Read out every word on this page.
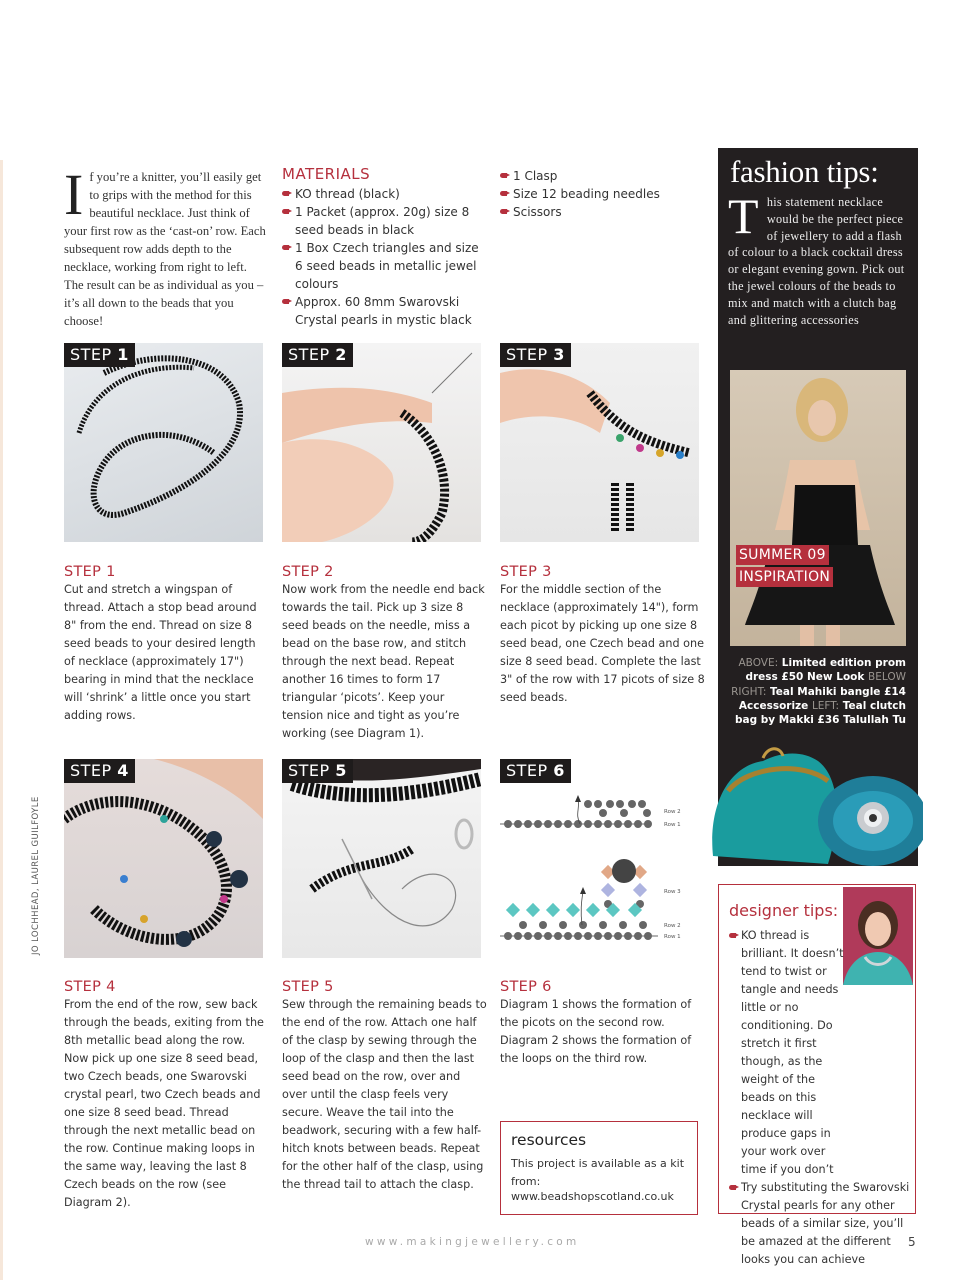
If you’re a knitter, you’ll easily get to grips with the method for this beautiful necklace. Just think of your first row as the ‘cast-on’ row. Each subsequent row adds depth to the necklace, working from right to left. The result can be as individual as you – it’s all down to the beads that you choose!
MATERIALS
KO thread (black)
1 Packet (approx. 20g) size 8 seed beads in black
1 Box Czech triangles and size 6 seed beads in metallic jewel colours
Approx. 60 8mm Swarovski Crystal pearls in mystic black
1 Clasp
Size 12 beading needles
Scissors
STEP 1	STEP 2	STEP 3
STEP 1
Cut and stretch a wingspan of thread. Attach a stop bead around 8" from the end. Thread on size 8 seed beads to your desired length of necklace (approximately 17") bearing in mind that the necklace will ‘shrink’ a little once you start adding rows.
STEP 2
Now work from the needle end back towards the tail. Pick up 3 size 8 seed beads on the needle, miss a bead on the base row, and stitch through the next bead. Repeat another 16 times to form 17 triangular ‘picots’. Keep your tension nice and tight as you’re working (see Diagram 1).
STEP 3
For the middle section of the necklace (approximately 14"), form each picot by picking up one size 8 seed bead, one Czech bead and one size 8 seed bead. Complete the last 3" of the row with 17 picots of size 8 seed beads.
STEP 4	STEP 5
Row 2
Row 1
Row 3
Row 2
Row 1
STEP 6
JO LOCHHEAD, LAUREL GUILFOYLE
STEP 4
From the end of the row, sew back through the beads, exiting from the 8th metallic bead along the row. Now pick up one size 8 seed bead, two Czech beads, one Swarovski crystal pearl, two Czech beads and one size 8 seed bead. Thread through the next metallic bead on the row. Continue making loops in the same way, leaving the last 8 Czech beads on the row (see Diagram 2).
STEP 5
Sew through the remaining beads to the end of the row. Attach one half of the clasp by sewing through the loop of the clasp and then the last seed bead on the row, over and over until the clasp feels very secure. Weave the tail into the beadwork, securing with a few half-hitch knots between beads. Repeat for the other half of the clasp, using the thread tail to attach the clasp.
STEP 6
Diagram 1 shows the formation of the picots on the second row. Diagram 2 shows the formation of the loops on the third row.
resources
This project is available as a kit from:
www.beadshopscotland.co.uk
fashion tips:
This statement necklace would be the perfect piece of jewellery to add a flash of colour to a black cocktail dress or elegant evening gown. Pick out the jewel colours of the beads to mix and match with a clutch bag and glittering accessories
SUMMER 09
INSPIRATION
ABOVE: Limited edition prom dress £50 New Look BELOW RIGHT: Teal Mahiki bangle £14 Accessorize LEFT: Teal clutch bag by Makki £36 Talullah Tu
designer tips:
KO thread is brilliant. It doesn’t tend to twist or tangle and needs little or no conditioning. Do stretch it first though, as the weight of the beads on this necklace will produce gaps in your work over time if you don’t
Try substituting the Swarovski Crystal pearls for any other beads of a similar size, you’ll be amazed at the different looks you can achieve
www.makingjewellery.com	5
